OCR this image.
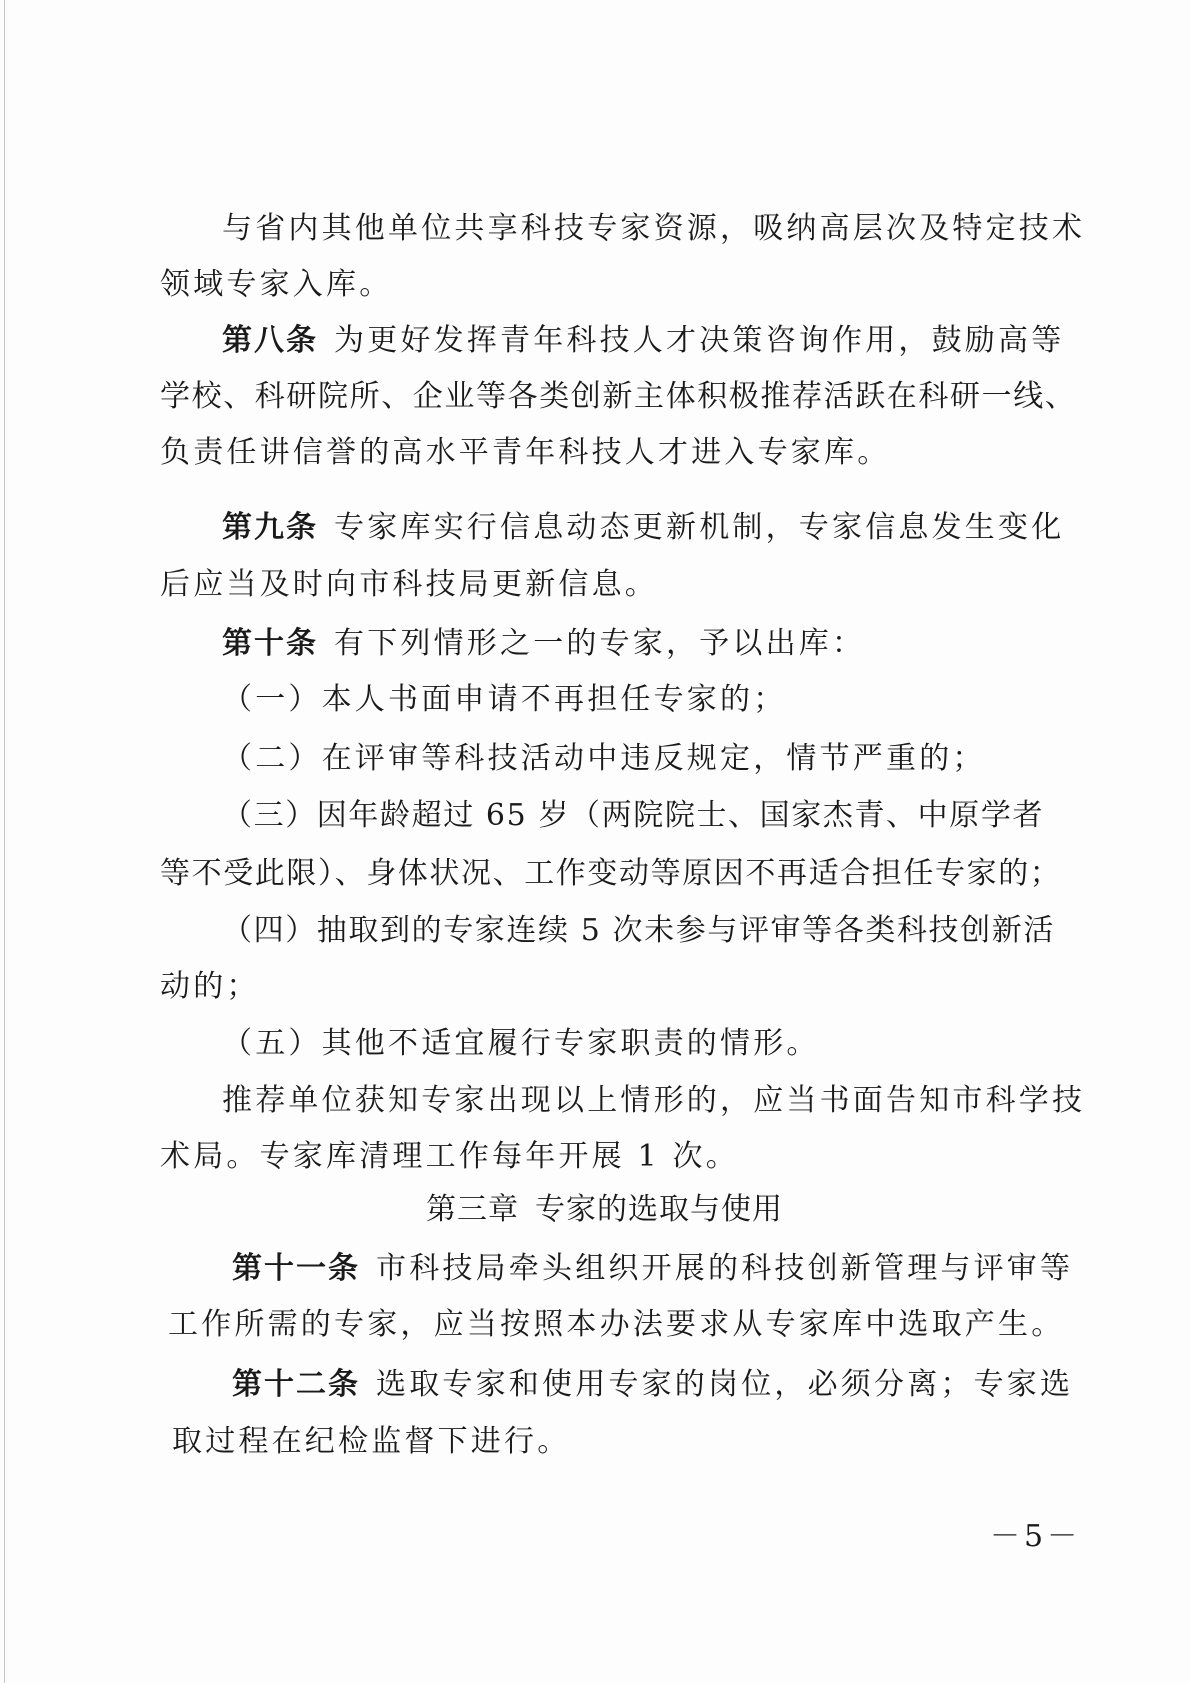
与省内其他单位共享科技专家资源，吸纳高层次及特定技术
领域专家入库。
第八条 为更好发挥青年科技人才决策咨询作用，鼓励高等
学校、科研院所、企业等各类创新主体积极推荐活跃在科研一线、
负责任讲信誉的高水平青年科技人才进入专家库。
第九条 专家库实行信息动态更新机制，专家信息发生变化
后应当及时向市科技局更新信息。
第十条 有下列情形之一的专家，予以出库：
（一）本人书面申请不再担任专家的；
（二）在评审等科技活动中违反规定，情节严重的；
（三）因年龄超过 65 岁（两院院士、国家杰青、中原学者
等不受此限）、身体状况、工作变动等原因不再适合担任专家的；
（四）抽取到的专家连续 5 次未参与评审等各类科技创新活
动的；
（五）其他不适宜履行专家职责的情形。
推荐单位获知专家出现以上情形的，应当书面告知市科学技
术局。专家库清理工作每年开展 1 次。
第三章 专家的选取与使用
第十一条 市科技局牵头组织开展的科技创新管理与评审等
工作所需的专家，应当按照本办法要求从专家库中选取产生。
第十二条 选取专家和使用专家的岗位，必须分离；专家选
取过程在纪检监督下进行。
－5－
